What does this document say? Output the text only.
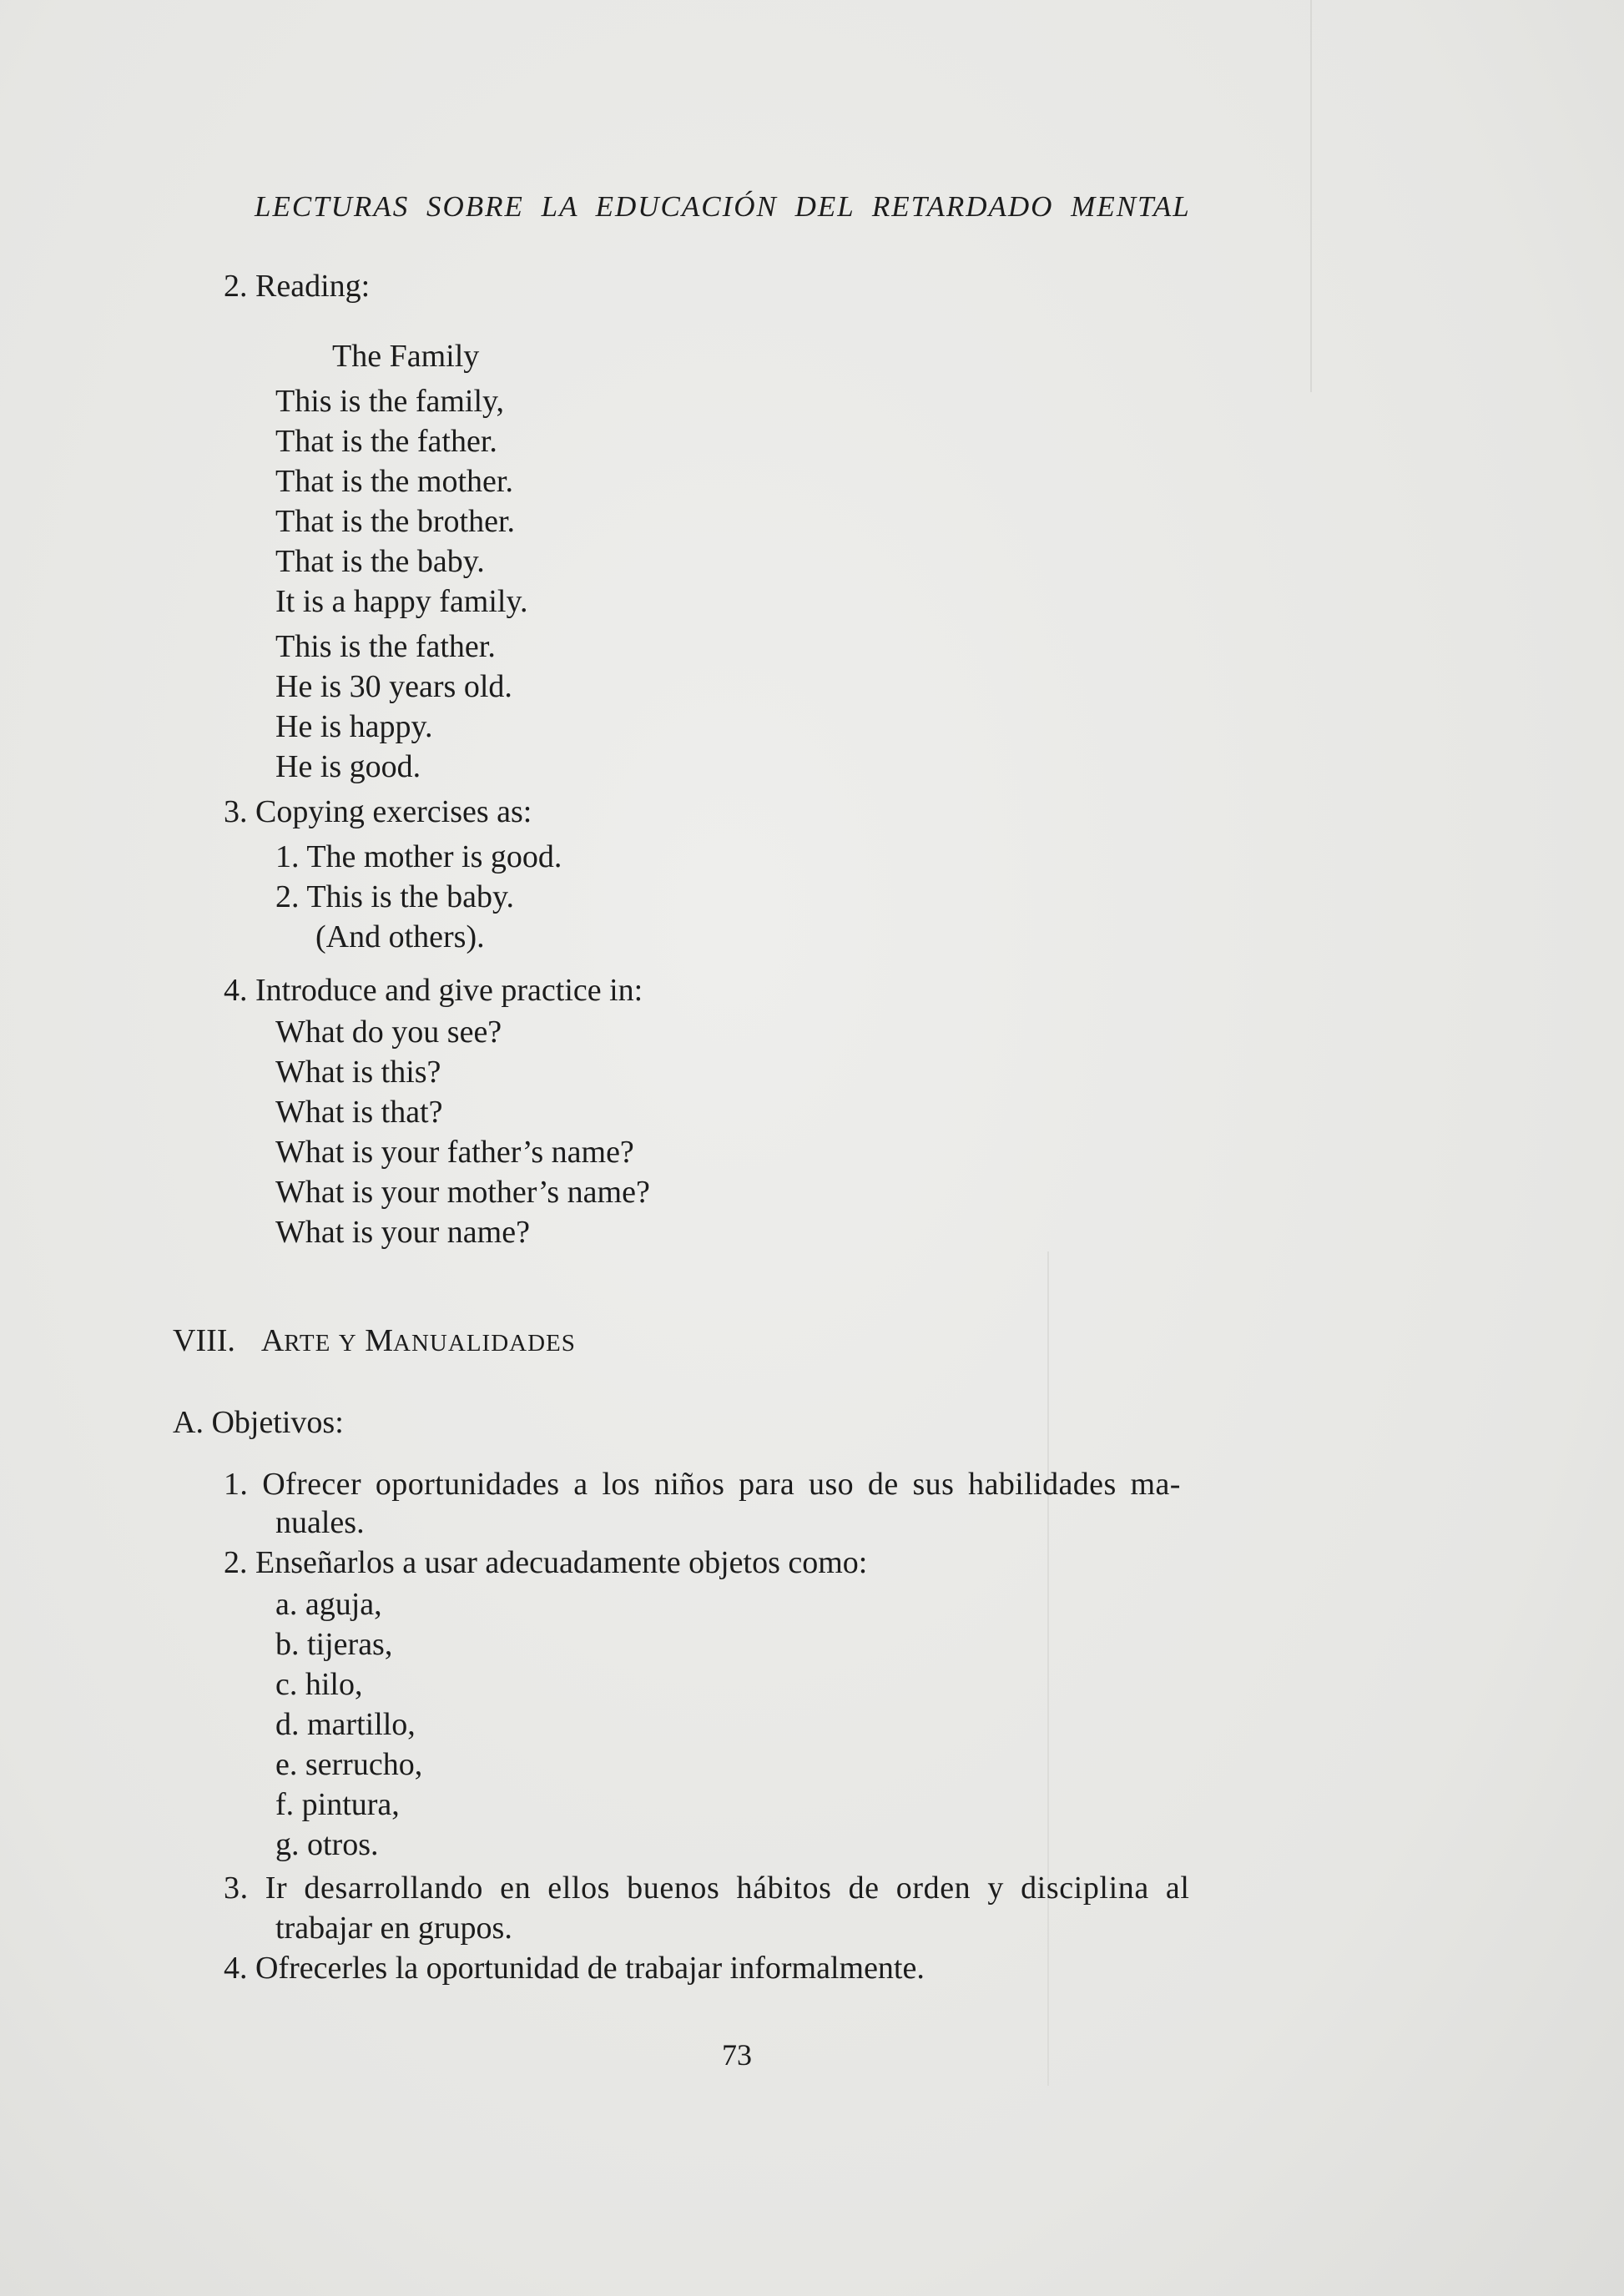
LECTURAS SOBRE LA EDUCACIÓN DEL RETARDADO MENTAL
2. Reading:
The Family
This is the family,
That is the father.
That is the mother.
That is the brother.
That is the baby.
It is a happy family.
This is the father.
He is 30 years old.
He is happy.
He is good.
3. Copying exercises as:
1. The mother is good.
2. This is the baby.
(And others).
4. Introduce and give practice in:
What do you see?
What is this?
What is that?
What is your father’s name?
What is your mother’s name?
What is your name?
VIII. ARTE Y MANUALIDADES
A. Objetivos:
1. Ofrecer oportunidades a los niños para uso de sus habilidades ma-
nuales.
2. Enseñarlos a usar adecuadamente objetos como:
a. aguja,
b. tijeras,
c. hilo,
d. martillo,
e. serrucho,
f. pintura,
g. otros.
3. Ir desarrollando en ellos buenos hábitos de orden y disciplina al
trabajar en grupos.
4. Ofrecerles la oportunidad de trabajar informalmente.
73
